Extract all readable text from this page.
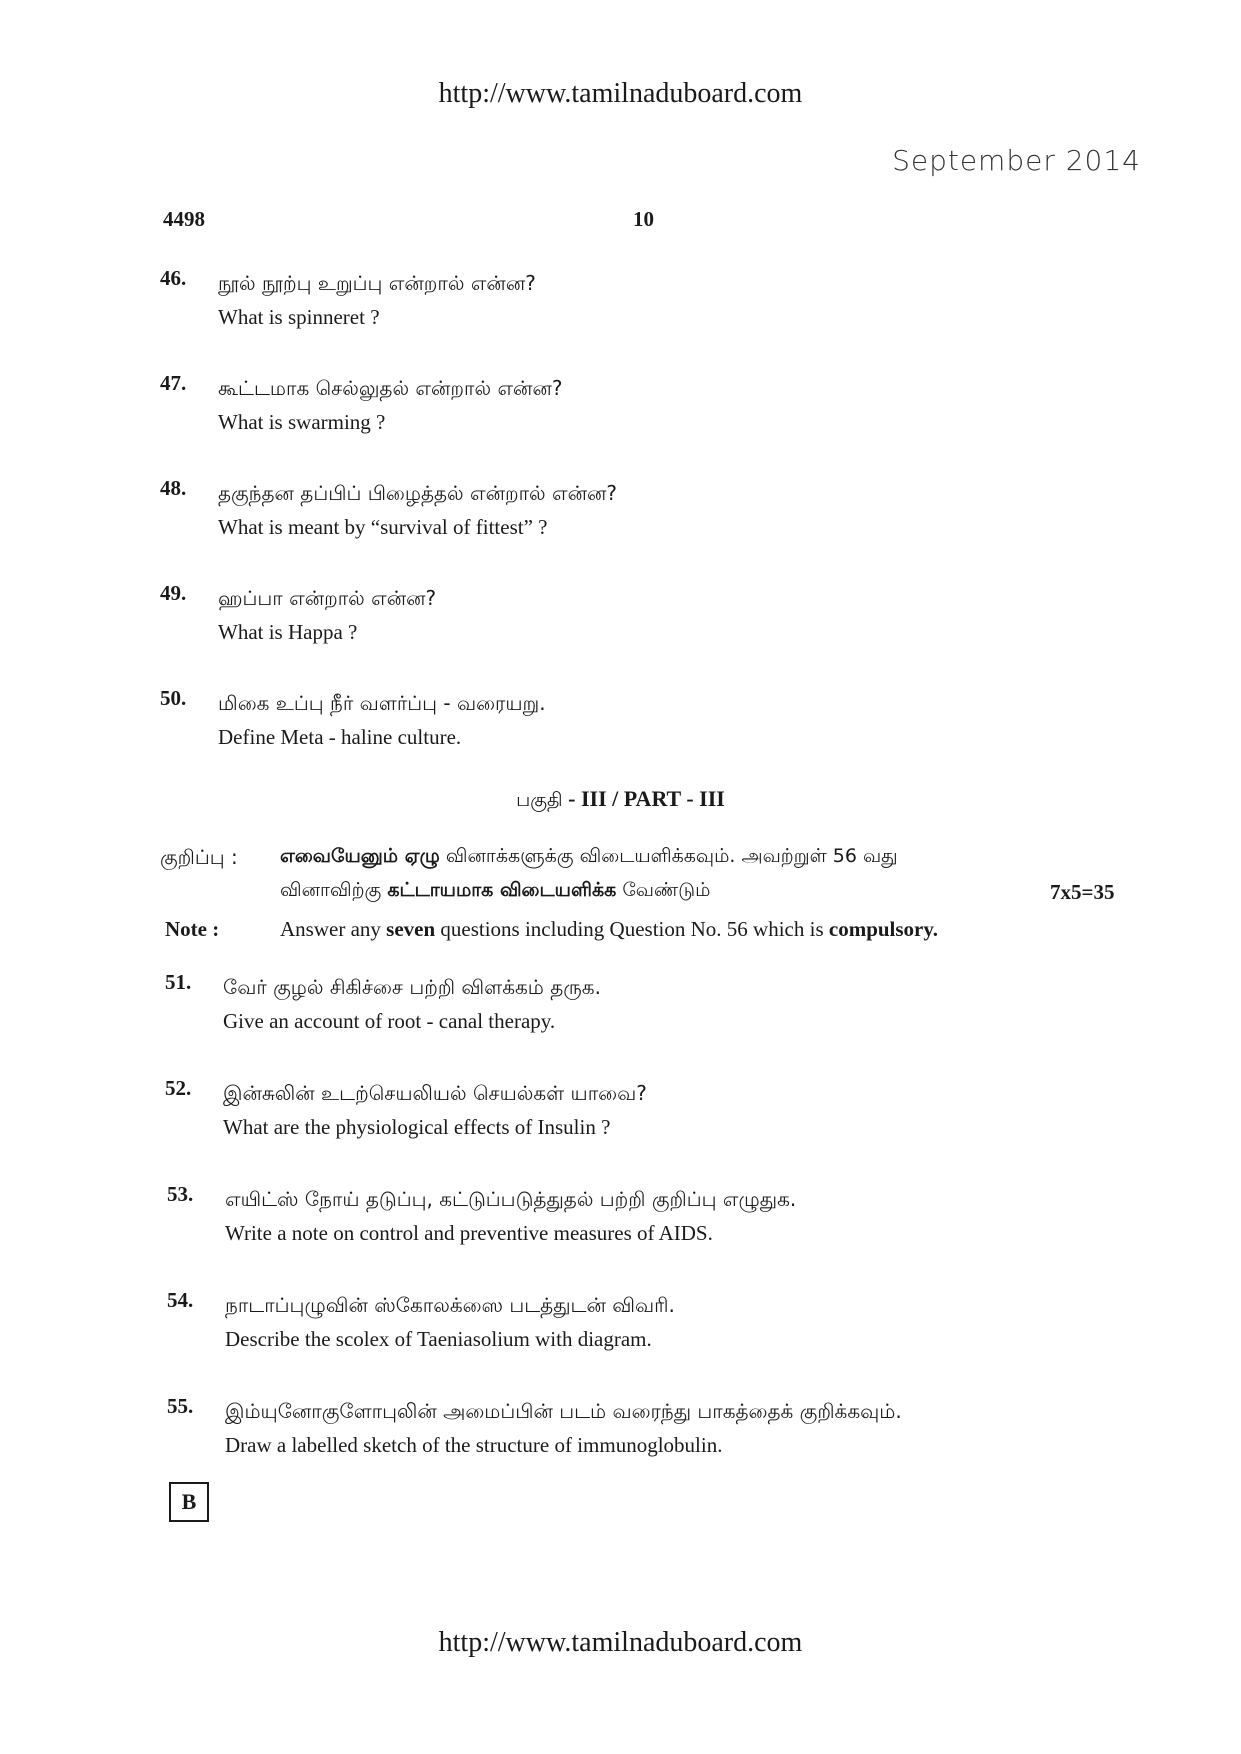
http://www.tamilnaduboard.com
September 2014
4498	10
46. நூல் நூற்பு உறுப்பு என்றால் என்ன?
What is spinneret ?
47. கூட்டமாக செல்லுதல் என்றால் என்ன?
What is swarming ?
48. தகுந்தன தப்பிப் பிழைத்தல் என்றால் என்ன?
What is meant by “survival of fittest” ?
49. ஹப்பா என்றால் என்ன?
What is Happa ?
50. மிகை உப்பு நீர் வளர்ப்பு - வரையறு.
Define Meta - haline culture.
பகுதி - III / PART - III
குறிப்பு : எவையேனும் ஏழு வினாக்களுக்கு விடையளிக்கவும். அவற்றுள் 56 வது
வினாவிற்கு கட்டாயமாக விடையளிக்க வேண்டும்	7x5=35
Note :	Answer any seven questions including Question No. 56 which is compulsory.
51. வேர் குழல் சிகிச்சை பற்றி விளக்கம் தருக.
Give an account of root - canal therapy.
52. இன்சுலின் உடற்செயலியல் செயல்கள் யாவை?
What are the physiological effects of Insulin ?
53. எயிட்ஸ் நோய் தடுப்பு, கட்டுப்படுத்துதல் பற்றி குறிப்பு எழுதுக.
Write a note on control and preventive measures of AIDS.
54. நாடாப்புழுவின் ஸ்கோலக்ஸை படத்துடன் விவரி.
Describe the scolex of Taeniasolium with diagram.
55. இம்யுனோகுளோபுலின் அமைப்பின் படம் வரைந்து பாகத்தைக் குறிக்கவும்.
Draw a labelled sketch of the structure of immunoglobulin.
B
http://www.tamilnaduboard.com
